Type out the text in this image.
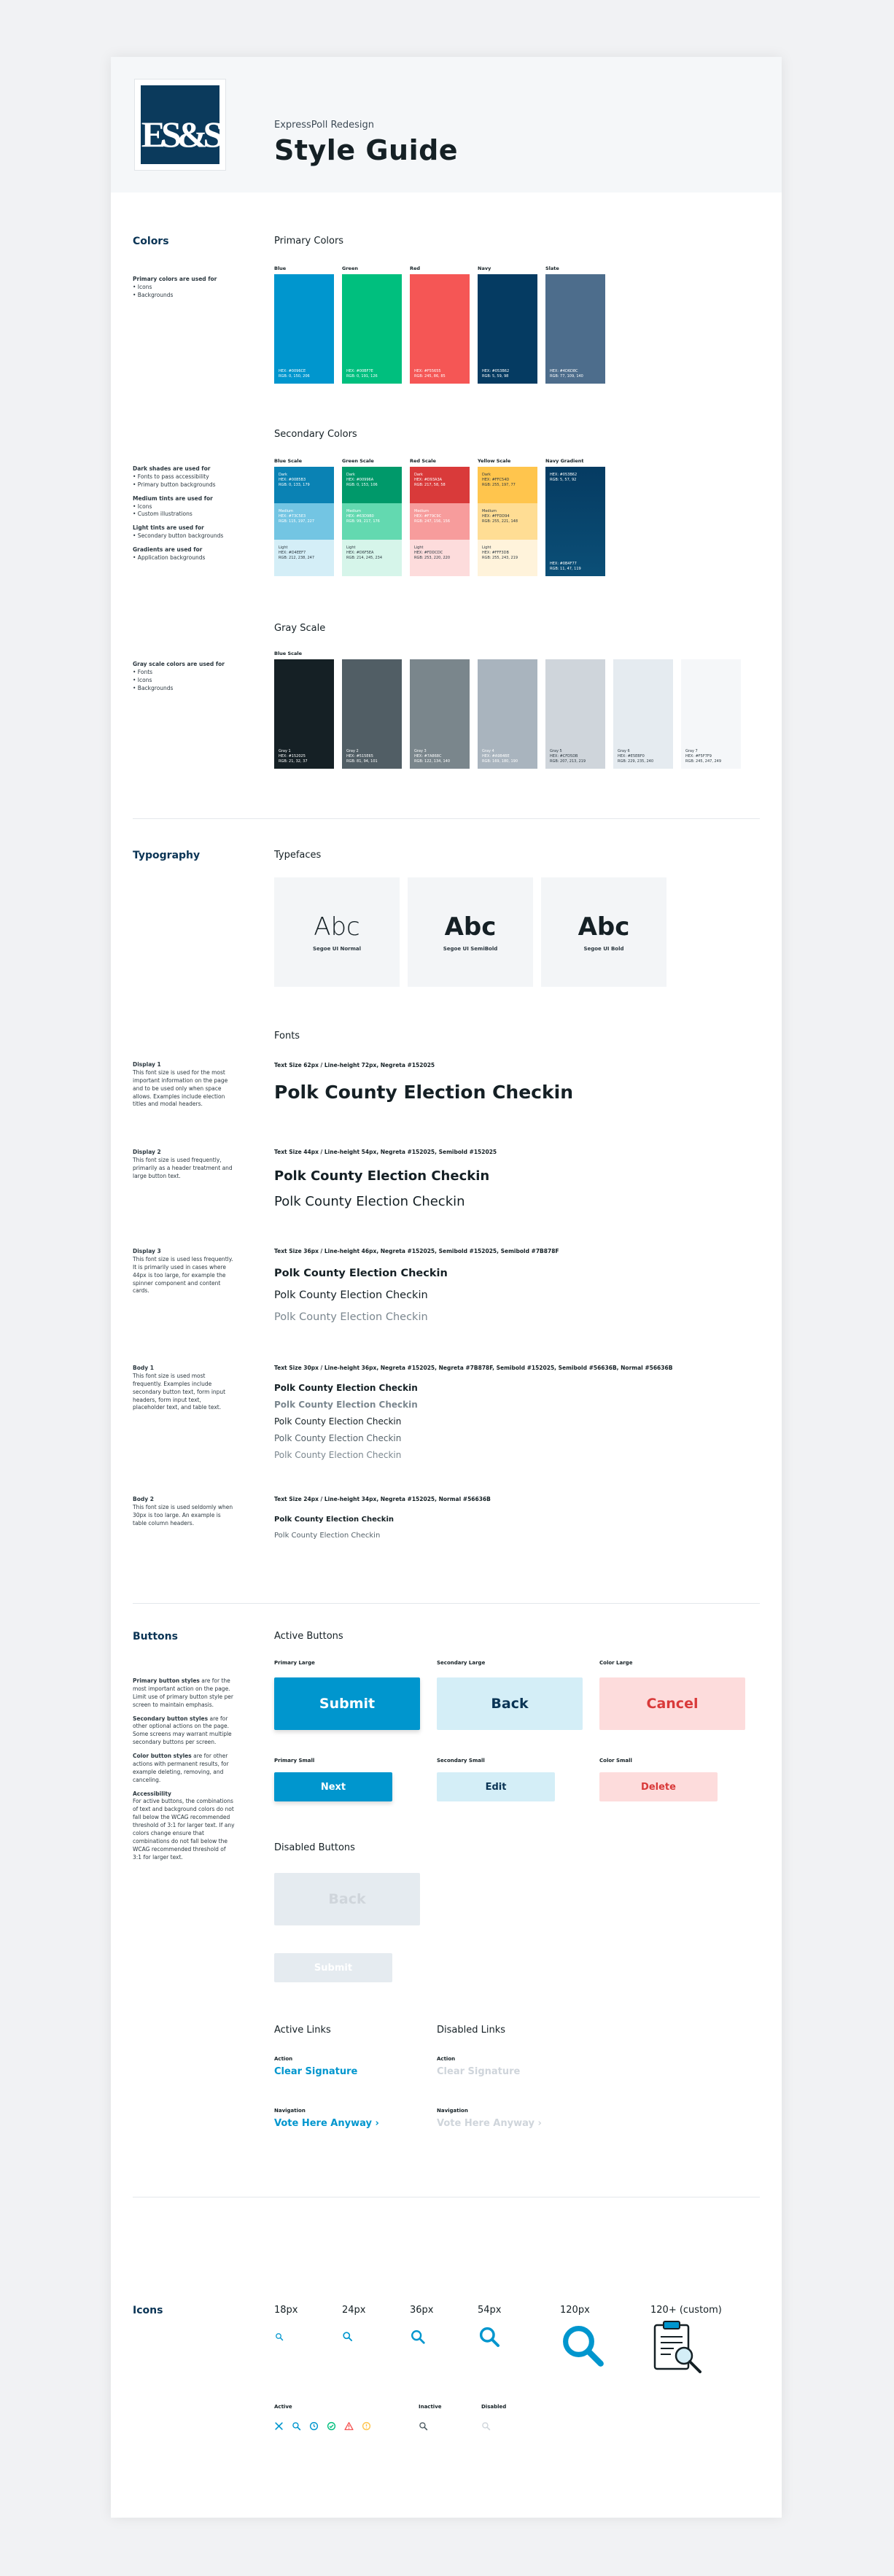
ES&S	ExpressPoll Redesign
Style Guide
Colors	Primary Colors
Primary colors are used for
• Icons
• Backgrounds
Blue
HEX: #0096CE
RGB: 0, 150, 206
Green
HEX: #00BF7E
RGB: 0, 191, 126
Red
HEX: #F55655
RGB: 245, 86, 85
Navy
HEX: #053B62
RGB: 5, 59, 98
Slate
HEX: #4D6D8C
RGB: 77, 109, 140
Secondary Colors
Dark shades are used for
• Fonts to pass accessibility
• Primary button backgrounds
Medium tints are used for
• Icons
• Custom illustrations
Light tints are used for
• Secondary button backgrounds
Gradients are used for
• Application backgrounds
Blue Scale
Dark
HEX: #0085B3
RGB: 0, 133, 179
Medium
HEX: #73C5E3
RGB: 115, 197, 227
Light
HEX: #D4EEF7
RGB: 212, 238, 247
Green Scale
Dark
HEX: #00996A
RGB: 0, 153, 106
Medium
HEX: #63D9B0
RGB: 99, 217, 176
Light
HEX: #D6F5EA
RGB: 214, 245, 234
Red Scale
Dark
HEX: #D93A3A
RGB: 217, 58, 58
Medium
HEX: #F79C9C
RGB: 247, 156, 156
Light
HEX: #FDDCDC
RGB: 253, 220, 220
Yellow Scale
Dark
HEX: #FFC54D
RGB: 255, 197, 77
Medium
HEX: #FFDD94
RGB: 255, 221, 148
Light
HEX: #FFF3DB
RGB: 255, 243, 219
Navy Gradient
HEX: #053B62
RGB: 5, 57, 92
HEX: #0B4F77
RGB: 11, 47, 119
Gray Scale
Gray scale colors are used for
• Fonts
• Icons
• Backgrounds
Blue Scale
Gray 1
HEX: #152025
RGB: 21, 32, 37
Gray 2
HEX: #515E65
RGB: 81, 94, 101
Gray 3
HEX: #7A868C
RGB: 122, 134, 140
Gray 4
HEX: #A9B4BE
RGB: 169, 180, 190
Gray 5
HEX: #CFD5DB
RGB: 207, 213, 219
Gray 6
HEX: #E5EBF0
RGB: 229, 235, 240
Gray 7
HEX: #F5F7F9
RGB: 245, 247, 249
Typography	Typefaces
Abc
Segoe UI Normal
Abc
Segoe UI SemiBold
Abc
Segoe UI Bold
Fonts
Display 1
This font size is used for the most important information on the page and to be used only when space allows. Examples include election titles and modal headers.
Text Size 62px / Line-height 72px, Negreta #152025
Polk County Election Checkin
Display 2
This font size is used frequently, primarily as a header treatment and large button text.
Text Size 44px / Line-height 54px, Negreta #152025, Semibold #152025
Polk County Election Checkin
Polk County Election Checkin
Display 3
This font size is used less frequently. It is primarily used in cases where 44px is too large, for example the spinner component and content cards.
Text Size 36px / Line-height 46px, Negreta #152025, Semibold #152025, Semibold #7B878F
Polk County Election Checkin
Polk County Election Checkin
Polk County Election Checkin
Body 1
This font size is used most frequently. Examples include secondary button text, form input headers, form input text, placeholder text, and table text.
Text Size 30px / Line-height 36px, Negreta #152025, Negreta #7B878F, Semibold #152025, Semibold #56636B, Normal #56636B
Polk County Election Checkin
Polk County Election Checkin
Polk County Election Checkin
Polk County Election Checkin
Polk County Election Checkin
Body 2
This font size is used seldomly when 30px is too large. An example is table column headers.
Text Size 24px / Line-height 34px, Negreta #152025, Normal #56636B
Polk County Election Checkin
Polk County Election Checkin
Buttons	Active Buttons
Primary button styles are for the most important action on the page. Limit use of primary button style per screen to maintain emphasis.
Secondary button styles are for other optional actions on the page. Some screens may warrant multiple secondary buttons per screen.
Color button styles are for other actions with permanent results, for example deleting, removing, and canceling.
Accessibility
For active buttons, the combinations of text and background colors do not fall below the WCAG recommended threshold of 3:1 for larger text. If any colors change ensure that combinations do not fall below the WCAG recommended threshold of 3:1 for larger text.
Primary Large	Secondary Large	Color Large
Submit	Back	Cancel
Primary Small	Secondary Small	Color Small
Next	Edit	Delete
Disabled Buttons
Back
Submit
Active Links	Disabled Links
Action	Action
Clear Signature	Clear Signature
Navigation	Navigation
Vote Here Anyway ›	Vote Here Anyway ›
Icons	18px	24px	36px	54px	120px	120+ (custom)
Active	Inactive	Disabled
